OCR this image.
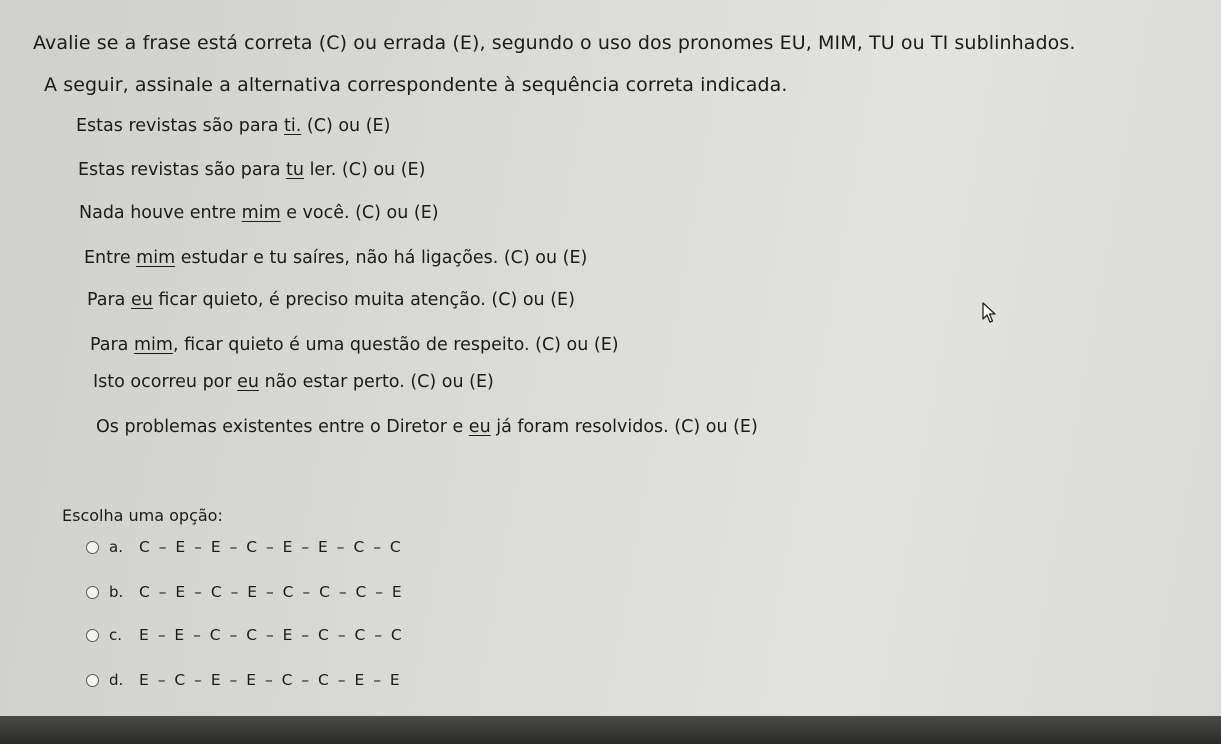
Avalie se a frase está correta (C) ou errada (E), segundo o uso dos pronomes EU, MIM, TU ou TI sublinhados.
A seguir, assinale a alternativa correspondente à sequência correta indicada.
Estas revistas são para ti. (C) ou (E)
Estas revistas são para tu ler. (C) ou (E)
Nada houve entre mim e você. (C) ou (E)
Entre mim estudar e tu saíres, não há ligações. (C) ou (E)
Para eu ficar quieto, é preciso muita atenção. (C) ou (E)
Para mim, ficar quieto é uma questão de respeito. (C) ou (E)
Isto ocorreu por eu não estar perto. (C) ou (E)
Os problemas existentes entre o Diretor e eu já foram resolvidos. (C) ou (E)
Escolha uma opção:
a.	C – E – E – C – E – E – C – C
b.	C – E – C – E – C – C – C – E
c.	E – E – C – C – E – C – C – C
d.	E – C – E – E – C – C – E – E
